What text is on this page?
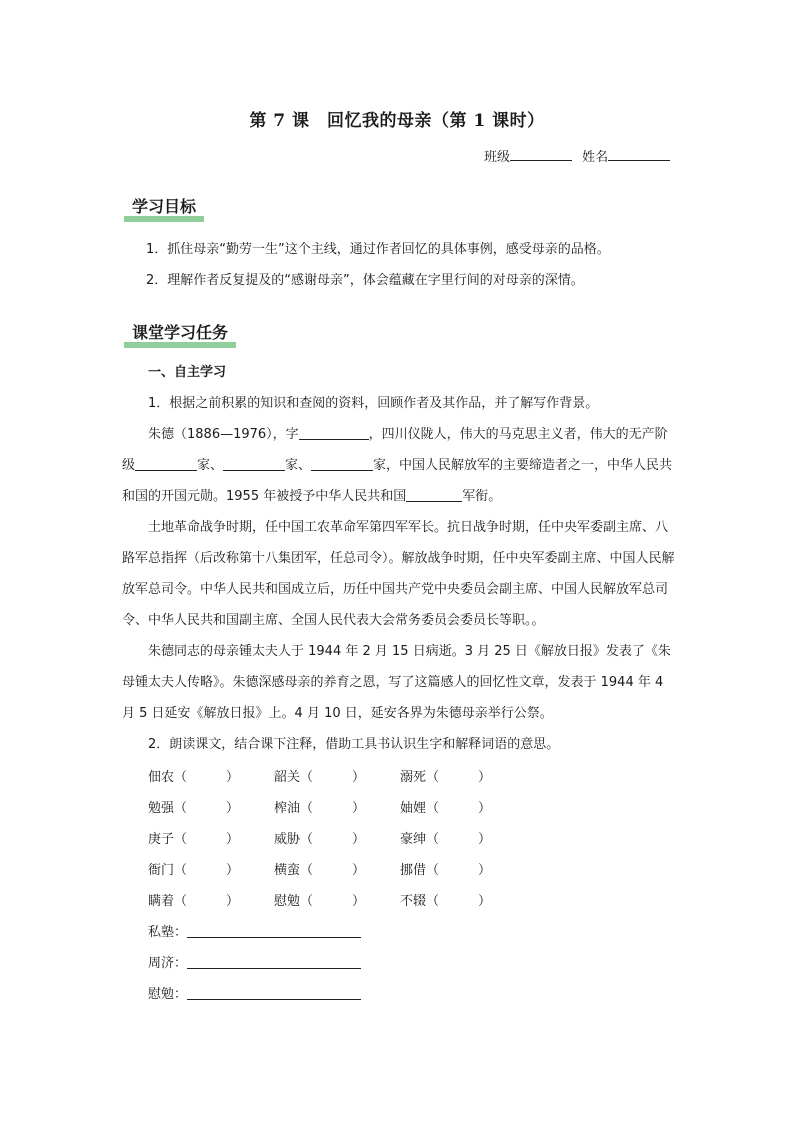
第 7 课　回忆我的母亲（第 1 课时）
班级	姓名
学习目标
1．抓住母亲“勤劳一生”这个主线，通过作者回忆的具体事例，感受母亲的品格。
2．理解作者反复提及的“感谢母亲”，体会蕴藏在字里行间的对母亲的深情。
课堂学习任务
一、自主学习
1．根据之前积累的知识和查阅的资料，回顾作者及其作品，并了解写作背景。
朱德（1886—1976），字	，四川仪陇人，伟大的马克思主义者，伟大的无产阶级	家、	家、	家，中国人民解放军的主要缔造者之一，中华人民共和国的开国元勋。1955 年被授予中华人民共和国	军衔。
土地革命战争时期，任中国工农革命军第四军军长。抗日战争时期，任中央军委副主席、八路军总指挥（后改称第十八集团军，任总司令）。解放战争时期，任中央军委副主席、中国人民解放军总司令。中华人民共和国成立后，历任中国共产党中央委员会副主席、中国人民解放军总司令、中华人民共和国副主席、全国人民代表大会常务委员会委员长等职。。
朱德同志的母亲锺太夫人于 1944 年 2 月 15 日病逝。3 月 25 日《解放日报》发表了《朱母锺太夫人传略》。朱德深感母亲的养育之恩，写了这篇感人的回忆性文章，发表于 1944 年 4 月 5 日延安《解放日报》上。4 月 10 日，延安各界为朱德母亲举行公祭。
2．朗读课文，结合课下注释，借助工具书认识生字和解释词语的意思。
佃农（　　　）	韶关（　　　）	溺死（　　　）
勉强（　　　）	榨油（　　　）	妯娌（　　　）
庚子（　　　）	威胁（　　　）	豪绅（　　　）
衙门（　　　）	横蛮（　　　）	挪借（　　　）
瞒着（　　　）	慰勉（　　　）	不辍（　　　）
私塾：
周济：
慰勉：
